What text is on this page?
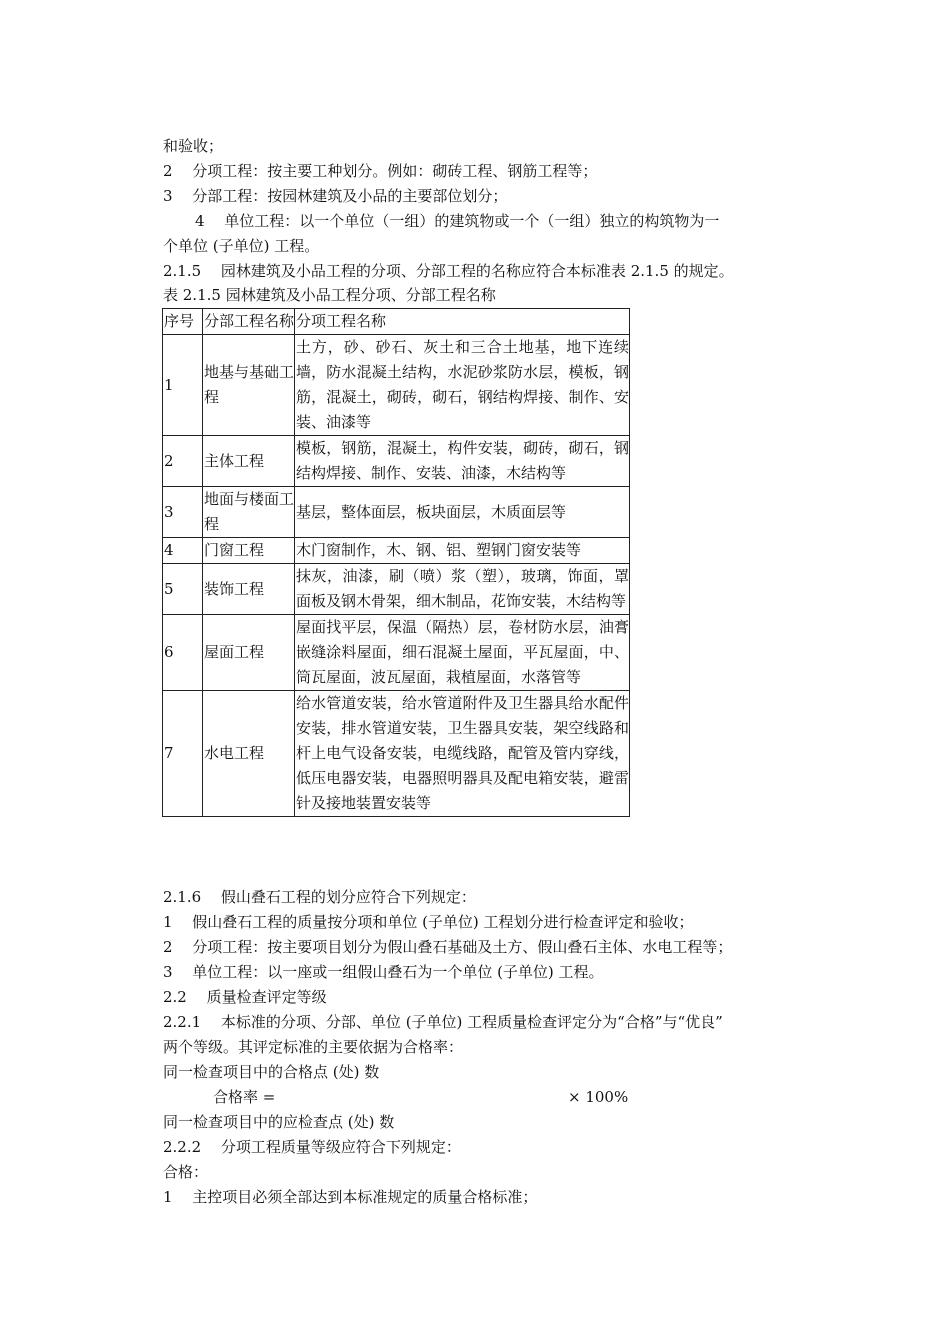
和验收；
2　 分项工程：按主要工种划分。例如：砌砖工程、钢筋工程等；
3　 分部工程：按园林建筑及小品的主要部位划分；
4　 单位工程：以一个单位（一组）的建筑物或一个（一组）独立的构筑物为一
个单位 (子单位) 工程。
2.1.5　 园林建筑及小品工程的分项、分部工程的名称应符合本标准表 2.1.5 的规定。
表 2.1.5 园林建筑及小品工程分项、分部工程名称
序号	分部工程名称	分项工程名称
1	地基与基础工程	土方，砂、砂石、灰土和三合土地基，地下连续墙，防水混凝土结构，水泥砂浆防水层，模板，钢筋，混凝土，砌砖，砌石，钢结构焊接、制作、安装、油漆等
2	主体工程	模板，钢筋，混凝土，构件安装，砌砖，砌石，钢结构焊接、制作、安装、油漆，木结构等
3	地面与楼面工程	基层，整体面层，板块面层，木质面层等
4	门窗工程	木门窗制作，木、钢、铝、塑钢门窗安装等
5	装饰工程	抹灰，油漆，刷（喷）浆（塑），玻璃，饰面，罩面板及钢木骨架，细木制品，花饰安装，木结构等
6	屋面工程	屋面找平层，保温（隔热）层，卷材防水层，油膏嵌缝涂料屋面，细石混凝土屋面，平瓦屋面，中、筒瓦屋面，波瓦屋面，栽植屋面，水落管等
7	水电工程	给水管道安装，给水管道附件及卫生器具给水配件安装，排水管道安装，卫生器具安装，架空线路和杆上电气设备安装，电缆线路，配管及管内穿线，低压电器安装，电器照明器具及配电箱安装，避雷针及接地装置安装等
2.1.6　 假山叠石工程的划分应符合下列规定：
1　 假山叠石工程的质量按分项和单位 (子单位) 工程划分进行检查评定和验收；
2　 分项工程：按主要项目划分为假山叠石基础及土方、假山叠石主体、水电工程等；
3　 单位工程：以一座或一组假山叠石为一个单位 (子单位) 工程。
2.2　 质量检查评定等级
2.2.1　 本标准的分项、分部、单位 (子单位) 工程质量检查评定分为“合格”与“优良”
两个等级。其评定标准的主要依据为合格率：
同一检查项目中的合格点 (处) 数
合格率 =	× 100%
同一检查项目中的应检查点 (处) 数
2.2.2　 分项工程质量等级应符合下列规定：
合格：
1　 主控项目必须全部达到本标准规定的质量合格标准；
